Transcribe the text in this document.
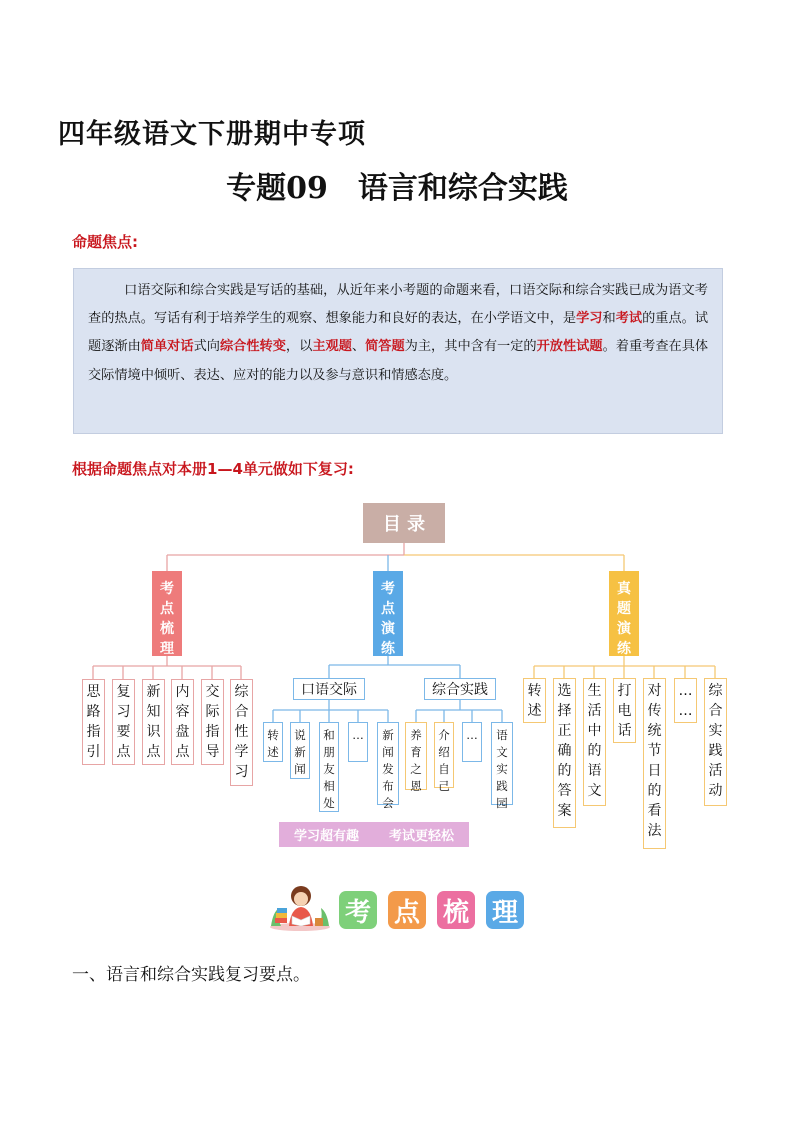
四年级语文下册期中专项
专题09 语言和综合实践
命题焦点:
口语交际和综合实践是写话的基础，从近年来小考题的命题来看，口语交际和综合实践已成为语文考查的热点。写话有利于培养学生的观察、想象能力和良好的表达，在小学语文中，是学习和考试的重点。试题逐渐由简单对话式向综合性转变，以主观题、简答题为主，其中含有一定的开放性试题。着重考查在具体交际情境中倾听、表达、应对的能力以及参与意识和情感态度。
根据命题焦点对本册1—4单元做如下复习:
目 录
考
点
梳
理
考
点
演
练
真
题
演
练
思
路
指
引
复
习
要
点
新
知
识
点
内
容
盘
点
交
际
指
导
综
合
性
学
习
口语交际	综合实践
转
述
说
新
闻
和
朋
友
相
处
…	新
闻
发
布
会
养
育
之
恩
介
绍
自
己
…	语
文
实
践
园
转
述
选
择
正
确
的
答
案
生
活
中
的
语
文
打
电
话
对
传
统
节
日
的
看
法
…
…
综
合
实
践
活
动
学习超有趣 考试更轻松
考 点 梳 理
一、语言和综合实践复习要点。
